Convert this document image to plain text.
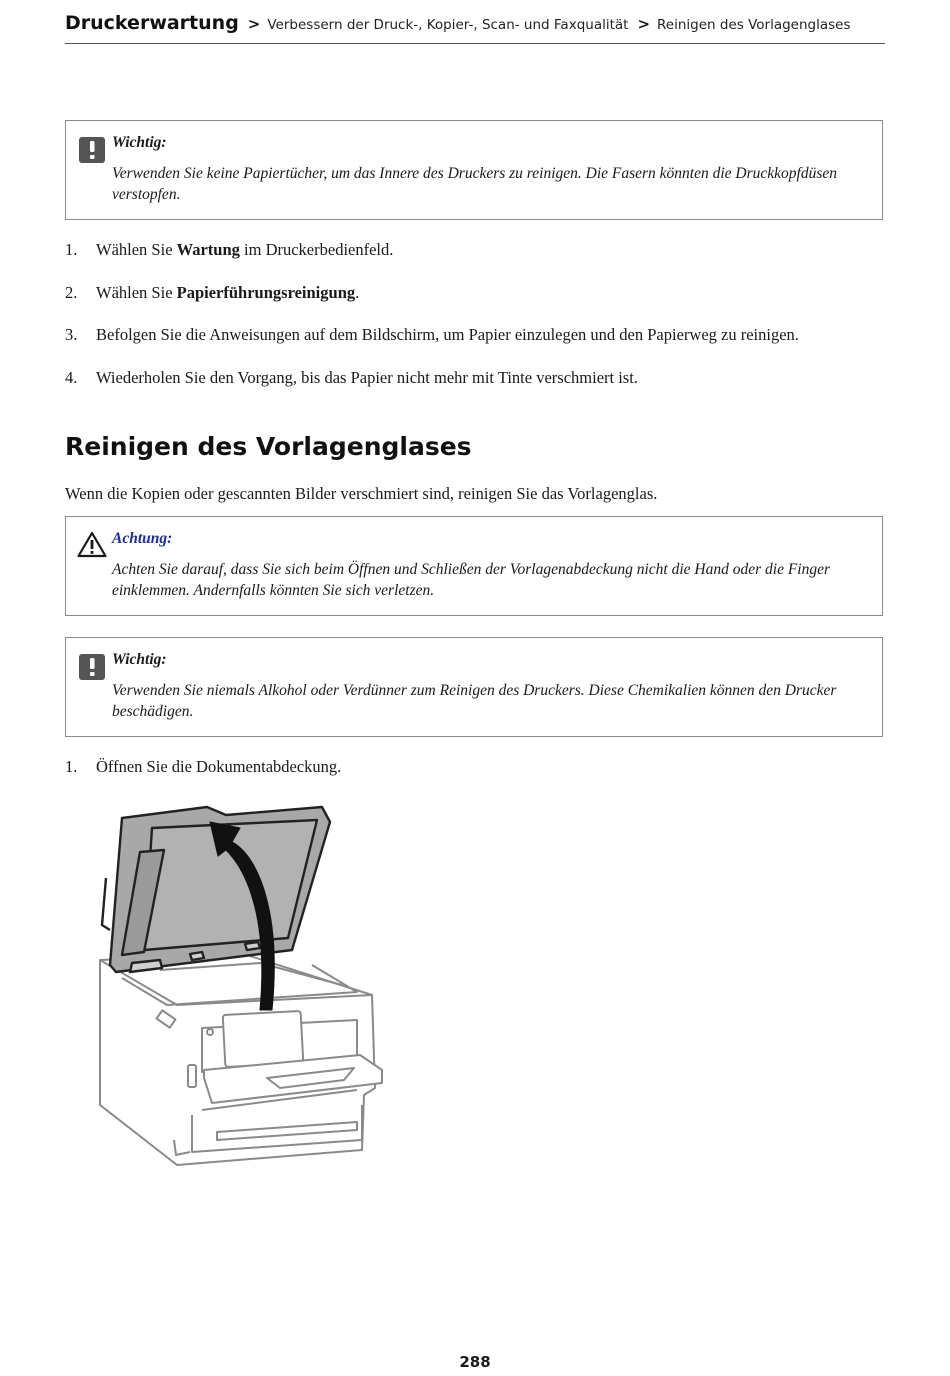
Druckerwartung > Verbessern der Druck-, Kopier-, Scan- und Faxqualität > Reinigen des Vorlagenglases
Wichtig:
Verwenden Sie keine Papiertücher, um das Innere des Druckers zu reinigen. Die Fasern könnten die Druckkopfdüsen verstopfen.
1. Wählen Sie Wartung im Druckerbedienfeld.
2. Wählen Sie Papierführungsreinigung.
3. Befolgen Sie die Anweisungen auf dem Bildschirm, um Papier einzulegen und den Papierweg zu reinigen.
4. Wiederholen Sie den Vorgang, bis das Papier nicht mehr mit Tinte verschmiert ist.
Reinigen des Vorlagenglases
Wenn die Kopien oder gescannten Bilder verschmiert sind, reinigen Sie das Vorlagenglas.
Achtung:
Achten Sie darauf, dass Sie sich beim Öffnen und Schließen der Vorlagenabdeckung nicht die Hand oder die Finger einklemmen. Andernfalls könnten Sie sich verletzen.
Wichtig:
Verwenden Sie niemals Alkohol oder Verdünner zum Reinigen des Druckers. Diese Chemikalien können den Drucker beschädigen.
1. Öffnen Sie die Dokumentabdeckung.
288
